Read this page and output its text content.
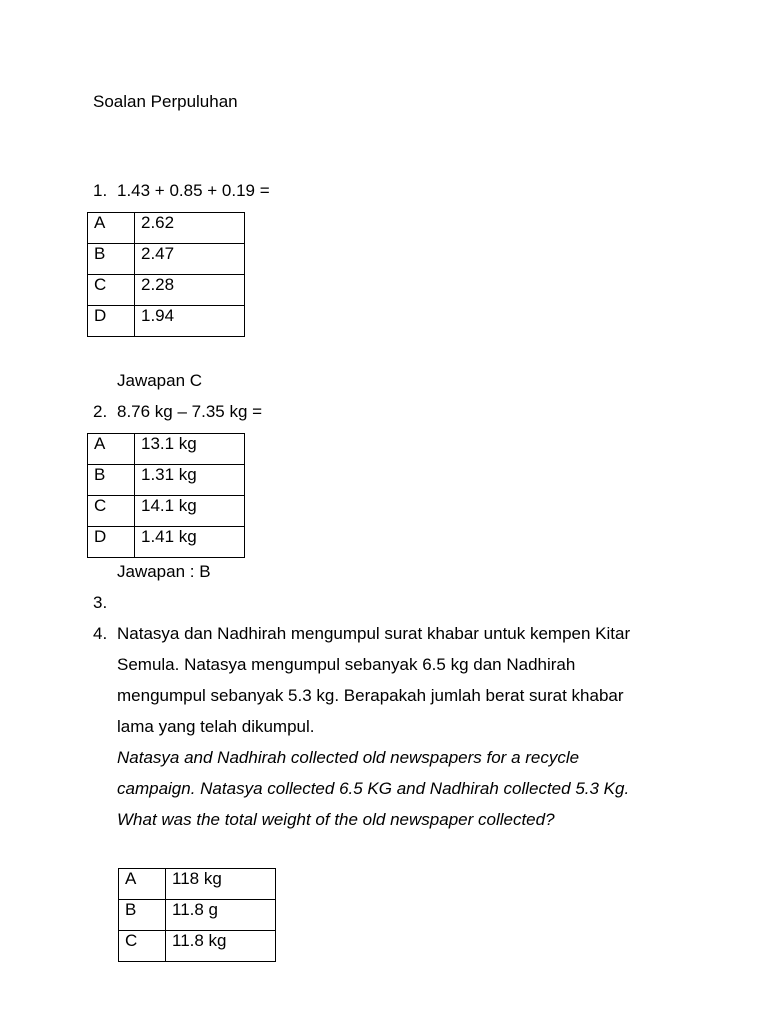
Soalan Perpuluhan
1. 1.43 + 0.85 + 0.19 =
A	2.62
B	2.47
C	2.28
D	1.94
Jawapan C
2. 8.76 kg – 7.35 kg =
A	13.1 kg
B	1.31 kg
C	14.1 kg
D	1.41 kg
Jawapan : B
3.
4. Natasya dan Nadhirah mengumpul surat khabar untuk kempen Kitar
Semula. Natasya mengumpul sebanyak 6.5 kg dan Nadhirah
mengumpul sebanyak 5.3 kg. Berapakah jumlah berat surat khabar
lama yang telah dikumpul.
Natasya and Nadhirah collected old newspapers for a recycle
campaign. Natasya collected 6.5 KG and Nadhirah collected 5.3 Kg.
What was the total weight of the old newspaper collected?
A	118 kg
B	11.8 g
C	11.8 kg
